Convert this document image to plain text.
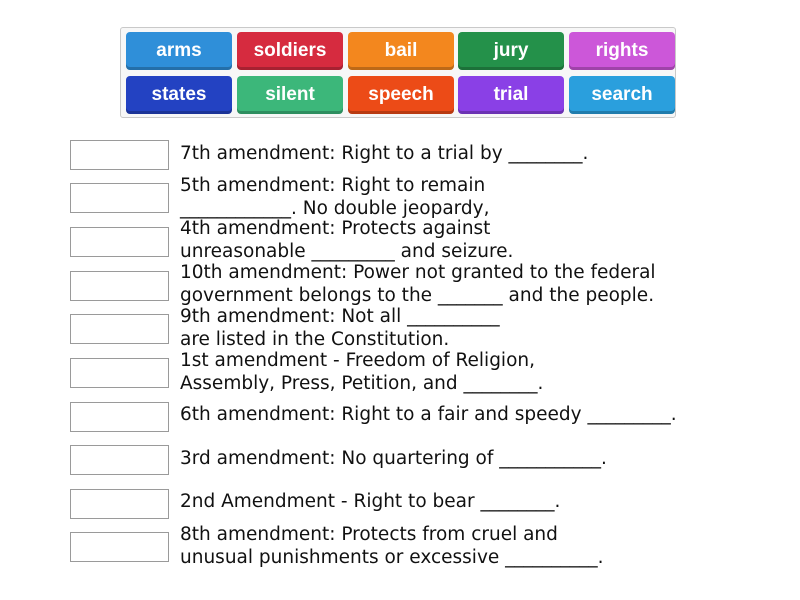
arms	soldiers	bail	jury	rights
states	silent	speech	trial	search
7th amendment: Right to a trial by ________.
5th amendment: Right to remain
____________. No double jeopardy,
4th amendment: Protects against
unreasonable _________ and seizure.
10th amendment: Power not granted to the federal
government belongs to the _______ and the people.
9th amendment: Not all __________
are listed in the Constitution.
1st amendment - Freedom of Religion,
Assembly, Press, Petition, and ________.
6th amendment: Right to a fair and speedy _________.
3rd amendment: No quartering of ___________.
2nd Amendment - Right to bear ________.
8th amendment: Protects from cruel and
unusual punishments or excessive __________.
